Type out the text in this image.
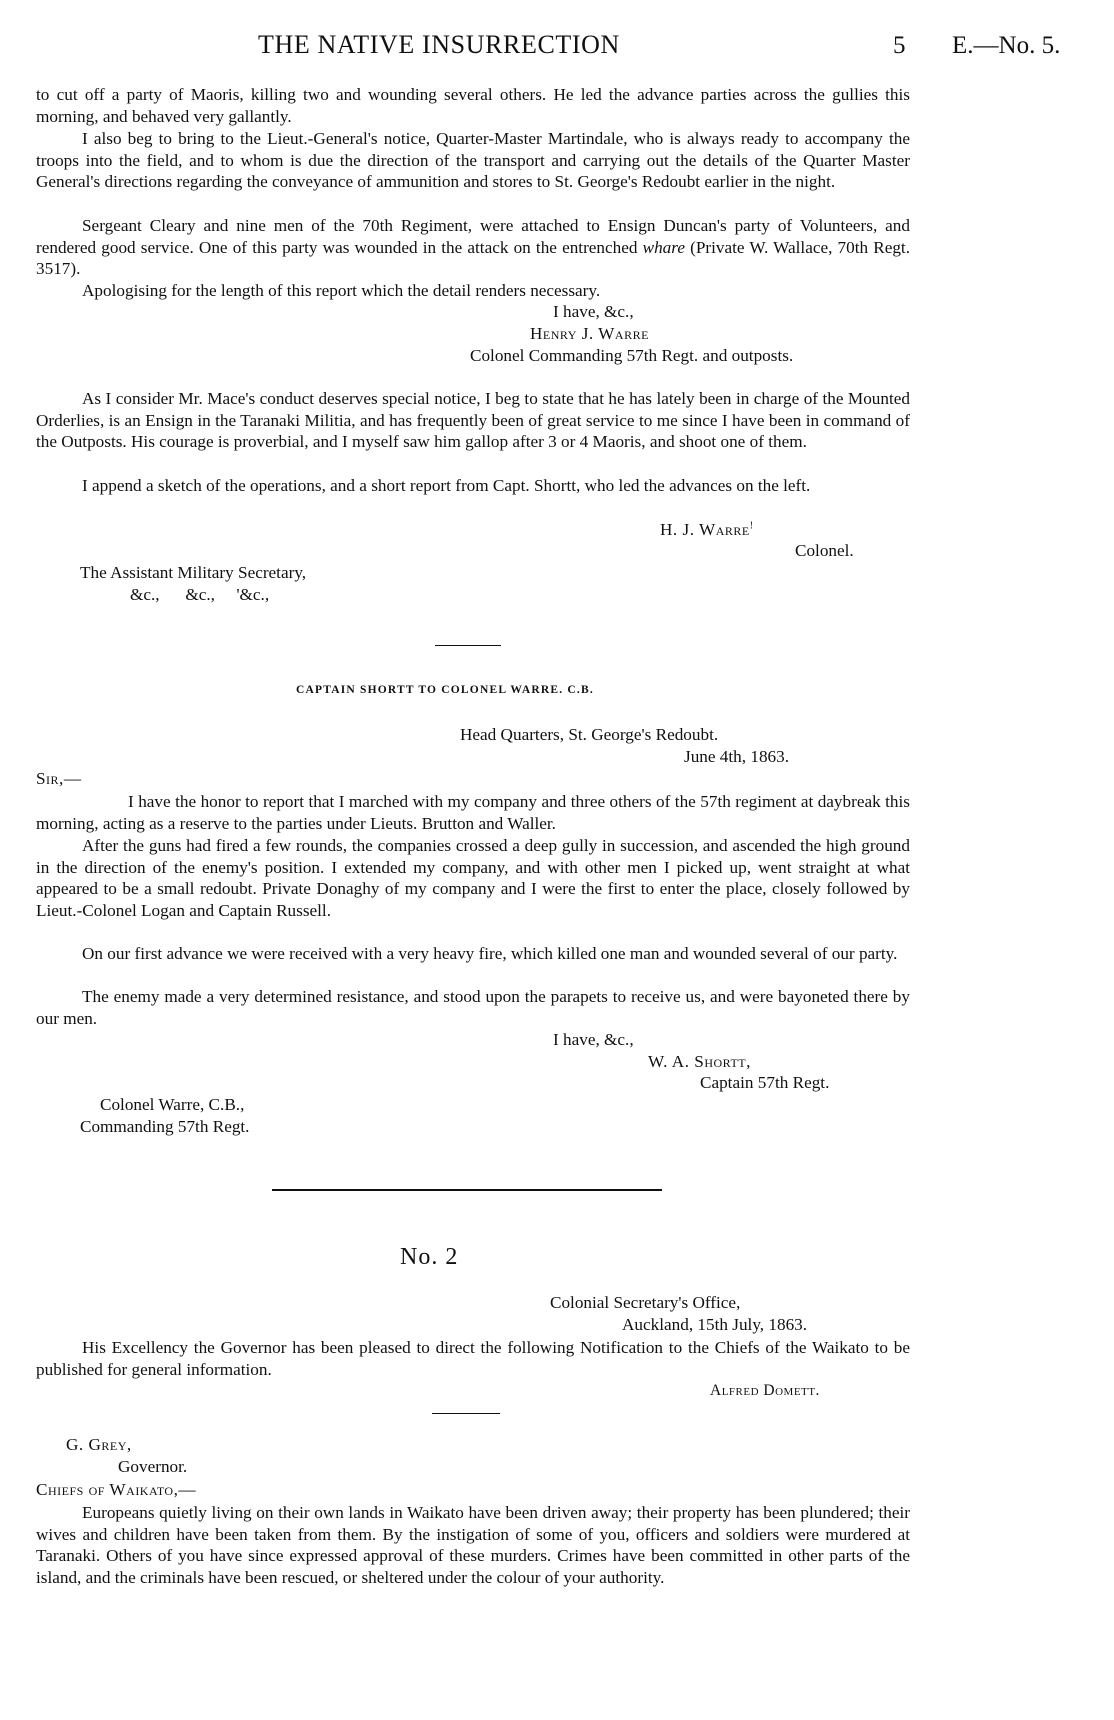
THE NATIVE INSURRECTION	5 E.—No. 5.
to cut off a party of Maoris, killing two and wounding several others. He led the advance parties across the gullies this morning, and behaved very gallantly.
I also beg to bring to the Lieut.-General's notice, Quarter-Master Martindale, who is always ready to accompany the troops into the field, and to whom is due the direction of the transport and carrying out the details of the Quarter Master General's directions regarding the conveyance of ammunition and stores to St. George's Redoubt earlier in the night.
Sergeant Cleary and nine men of the 70th Regiment, were attached to Ensign Duncan's party of Volunteers, and rendered good service. One of this party was wounded in the attack on the entrenched whare (Private W. Wallace, 70th Regt. 3517).
Apologising for the length of this report which the detail renders necessary.
I have, &c.,
Henry J. Warre
Colonel Commanding 57th Regt. and outposts.
As I consider Mr. Mace's conduct deserves special notice, I beg to state that he has lately been in charge of the Mounted Orderlies, is an Ensign in the Taranaki Militia, and has frequently been of great service to me since I have been in command of the Outposts. His courage is proverbial, and I myself saw him gallop after 3 or 4 Maoris, and shoot one of them.
I append a sketch of the operations, and a short report from Capt. Shortt, who led the advances on the left.
H. J. Warre!
Colonel.
The Assistant Military Secretary,
&c.,      &c.,     '&c.,
CAPTAIN SHORTT TO COLONEL WARRE. C.B.
Head Quarters, St. George's Redoubt.
June 4th, 1863.
Sir,—
I have the honor to report that I marched with my company and three others of the 57th regiment at daybreak this morning, acting as a reserve to the parties under Lieuts. Brutton and Waller.
After the guns had fired a few rounds, the companies crossed a deep gully in succession, and ascended the high ground in the direction of the enemy's position. I extended my company, and with other men I picked up, went straight at what appeared to be a small redoubt. Private Donaghy of my company and I were the first to enter the place, closely followed by Lieut.-Colonel Logan and Captain Russell.
On our first advance we were received with a very heavy fire, which killed one man and wounded several of our party.
The enemy made a very determined resistance, and stood upon the parapets to receive us, and were bayoneted there by our men.
I have, &c.,
W. A. Shortt,
Captain 57th Regt.
Colonel Warre, C.B.,
Commanding 57th Regt.
No. 2
Colonial Secretary's Office,
Auckland, 15th July, 1863.
His Excellency the Governor has been pleased to direct the following Notification to the Chiefs of the Waikato to be published for general information.
Alfred Domett.
G. Grey,
Governor.
Chiefs of Waikato,—
Europeans quietly living on their own lands in Waikato have been driven away; their property has been plundered; their wives and children have been taken from them. By the instigation of some of you, officers and soldiers were murdered at Taranaki. Others of you have since expressed approval of these murders. Crimes have been committed in other parts of the island, and the criminals have been rescued, or sheltered under the colour of your authority.
